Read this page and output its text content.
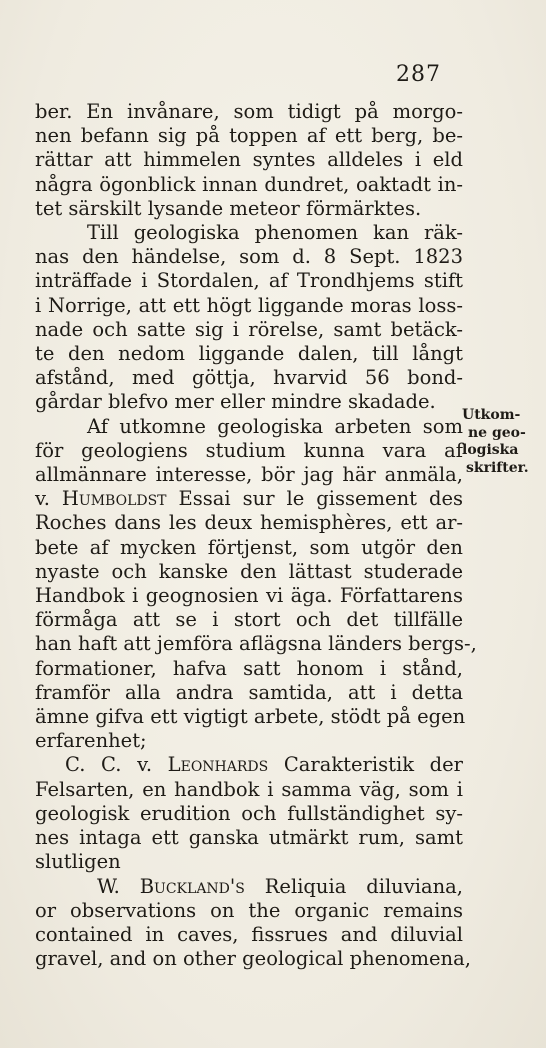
287
ber. En invånare, som tidigt på morgo-
nen befann sig på toppen af ett berg, be-
rättar att himmelen syntes alldeles i eld
några ögonblick innan dundret, oaktadt in-
tet särskilt lysande meteor förmärktes.
Till geologiska phenomen kan räk-
nas den händelse, som d. 8 Sept. 1823
inträffade i Stordalen, af Trondhjems stift
i Norrige, att ett högt liggande moras loss-
nade och satte sig i rörelse, samt betäck-
te den nedom liggande dalen, till långt
afstånd, med göttja, hvarvid 56 bond-
gårdar blefvo mer eller mindre skadade.
Af utkomne geologiska arbeten som
för geologiens studium kunna vara af
allmännare interesse, bör jag här anmäla,
v. Humboldst Essai sur le gissement des
Roches dans les deux hemisphères, ett ar-
bete af mycken förtjenst, som utgör den
nyaste och kanske den lättast studerade
Handbok i geognosien vi äga. Författarens
förmåga att se i stort och det tillfälle
han haft att jemföra aflägsna länders bergs-,
formationer, hafva satt honom i stånd,
framför alla andra samtida, att i detta
ämne gifva ett vigtigt arbete, stödt på egen
erfarenhet;
C. C. v. Leonhards Carakteristik der
Felsarten, en handbok i samma väg, som i
geologisk erudition och fullständighet sy-
nes intaga ett ganska utmärkt rum, samt
slutligen
W. Buckland's Reliquia diluviana,
or observations on the organic remains
contained in caves, fissrues and diluvial
gravel, and on other geological phenomena,
Utkom-
ne geo-
logiska
skrifter.
